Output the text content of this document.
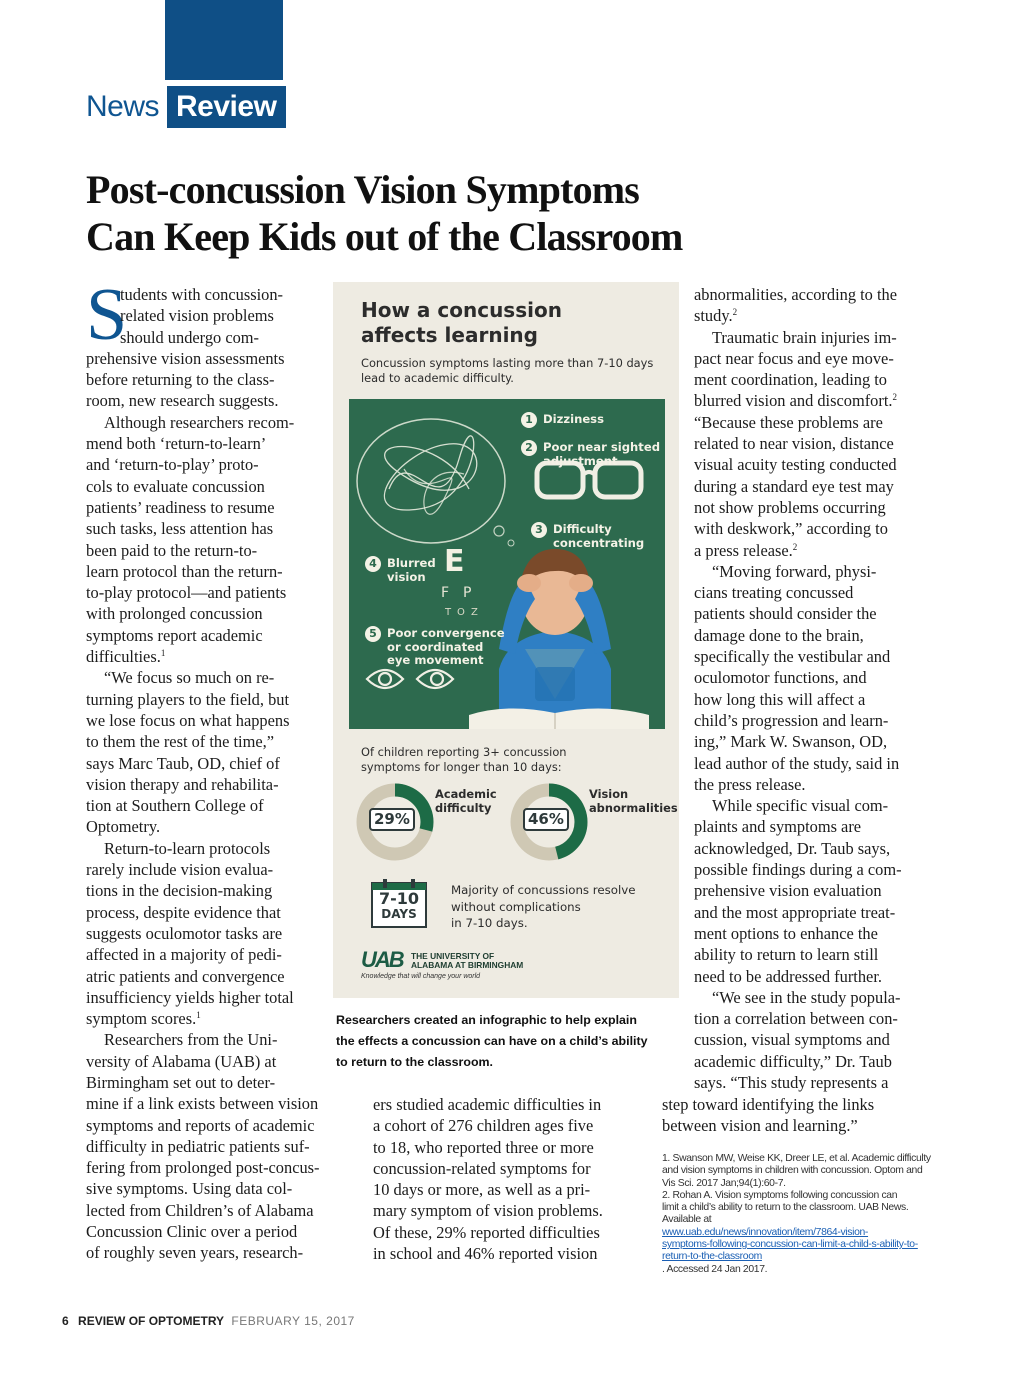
News Review
Post-concussion Vision Symptoms
Can Keep Kids out of the Classroom
S
tudents with concussion-
related vision problems
should undergo com-
prehensive vision assessments
before returning to the class-
room, new research suggests.
Although researchers recom-
mend both ‘return-to-learn’
and ‘return-to-play’ proto-
cols to evaluate concussion
patients’ readiness to resume
such tasks, less attention has
been paid to the return-to-
learn protocol than the return-
to-play protocol—and patients
with prolonged concussion
symptoms report academic
difficulties.$^1$
“We focus so much on re-
turning players to the field, but
we lose focus on what happens
to them the rest of the time,”
says Marc Taub, OD, chief of
vision therapy and rehabilita-
tion at Southern College of
Optometry.
Return-to-learn protocols
rarely include vision evalua-
tions in the decision-making
process, despite evidence that
suggests oculomotor tasks are
affected in a majority of pedi-
atric patients and convergence
insufficiency yields higher total
symptom scores.$^1$
Researchers from the Uni-
versity of Alabama (UAB) at
Birmingham set out to deter-
mine if a link exists between vision
symptoms and reports of academic
difficulty in pediatric patients suf-
fering from prolonged post-concus-
sive symptoms. Using data col-
lected from Children’s of Alabama
Concussion Clinic over a period
of roughly seven years, research-
ers studied academic difficulties in
a cohort of 276 children ages five
to 18, who reported three or more
concussion-related symptoms for
10 days or more, as well as a pri-
mary symptom of vision problems.
Of these, 29% reported difficulties
in school and 46% reported vision
abnormalities, according to the
study.$^2$
Traumatic brain injuries im-
pact near focus and eye move-
ment coordination, leading to
blurred vision and discomfort.$^2$
“Because these problems are
related to near vision, distance
visual acuity testing conducted
during a standard eye test may
not show problems occurring
with deskwork,” according to
a press release.$^2$
“Moving forward, physi-
cians treating concussed
patients should consider the
damage done to the brain,
specifically the vestibular and
oculomotor functions, and
how long this will affect a
child’s progression and learn-
ing,” Mark W. Swanson, OD,
lead author of the study, said in
the press release.
While specific visual com-
plaints and symptoms are
acknowledged, Dr. Taub says,
possible findings during a com-
prehensive vision evaluation
and the most appropriate treat-
ment options to enhance the
ability to return to learn still
need to be addressed further.
“We see in the study popula-
tion a correlation between con-
cussion, visual symptoms and
academic difficulty,” Dr. Taub
says. “This study represents a
step toward identifying the links
between vision and learning.”
How a concussion
affects learning
Concussion symptoms lasting more than 7-10 days
lead to academic difficulty.
E
F P
T O Z
1 Dizziness
2 Poor near sighted
adjustment
3 Difficulty
concentrating
4 Blurred
vision
5 Poor convergence
or coordinated
eye movement
Of children reporting 3+ concussion
symptoms for longer than 10 days:
29%
Academic
difficulty
46%
Vision
abnormalities
7-10
DAYS
Majority of concussions resolve
without complications
in 7-10 days.
UAB THE UNIVERSITY OF
ALABAMA AT BIRMINGHAM
Knowledge that will change your world
Researchers created an infographic to help explain
the effects a concussion can have on a child’s ability
to return to the classroom.
1. Swanson MW, Weise KK, Dreer LE, et al. Academic difficulty
and vision symptoms in children with concussion. Optom and
Vis Sci. 2017 Jan;94(1):60-7.
2. Rohan A. Vision symptoms following concussion can
limit a child’s ability to return to the classroom. UAB News.
Available at
www.uab.edu/news/innovation/item/7864-vision-
symptoms-following-concussion-can-limit-a-child-s-ability-to-
return-to-the-classroom
. Accessed 24 Jan 2017.
6 REVIEW OF OPTOMETRY FEBRUARY 15, 2017
